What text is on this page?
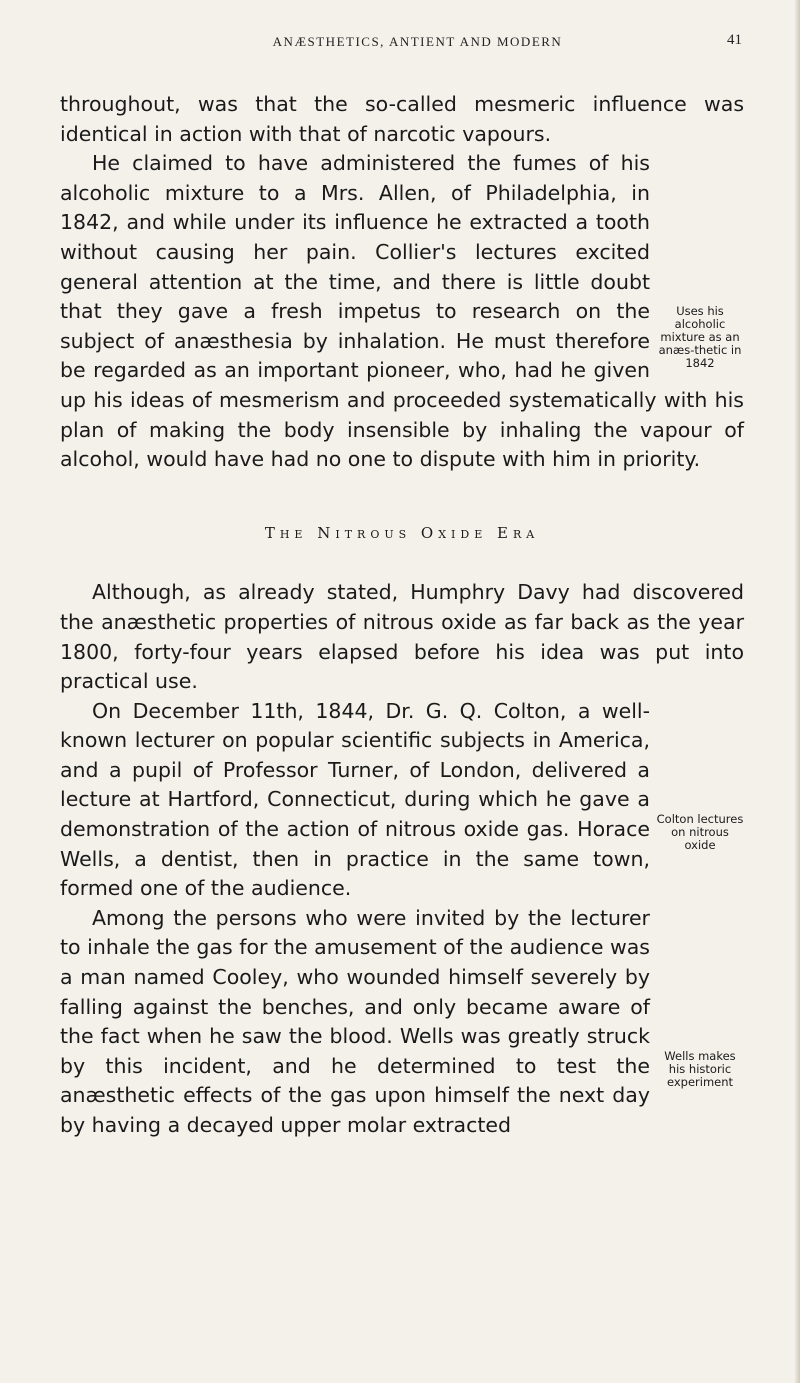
ANÆSTHETICS, ANTIENT AND MODERN	41

throughout, was that the so-called mesmeric influence was identical in action with that of narcotic vapours.

Uses his alcoholic mixture as an anæs-thetic in 1842
He claimed to have administered the fumes of his alcoholic mixture to a Mrs. Allen, of Philadelphia, in 1842, and while under its influence he extracted a tooth without causing her pain. Collier's lectures excited general attention at the time, and there is little doubt that they gave a fresh impetus to research on the subject of anæsthesia by inhalation. He must therefore be regarded as an important pioneer, who, had he given up his ideas of mesmerism and proceeded systematically with his plan of making the body insensible by inhaling the vapour of alcohol, would have had no one to dispute with him in priority.

The Nitrous Oxide Era

Although, as already stated, Humphry Davy had discovered the anæsthetic properties of nitrous oxide as far back as the year 1800, forty-four years elapsed before his idea was put into practical use.

Colton lectures on nitrous oxide
On December 11th, 1844, Dr. G. Q. Colton, a well-known lecturer on popular scientific subjects in America, and a pupil of Professor Turner, of London, delivered a lecture at Hartford, Connecticut, during which he gave a demonstration of the action of nitrous oxide gas. Horace Wells, a dentist, then in practice in the same town, formed one of the audience.

Wells makes his historic experiment
Among the persons who were invited by the lecturer to inhale the gas for the amusement of the audience was a man named Cooley, who wounded himself severely by falling against the benches, and only became aware of the fact when he saw the blood. Wells was greatly struck by this incident, and he determined to test the anæsthetic effects of the gas upon himself the next day by having a decayed upper molar extracted
